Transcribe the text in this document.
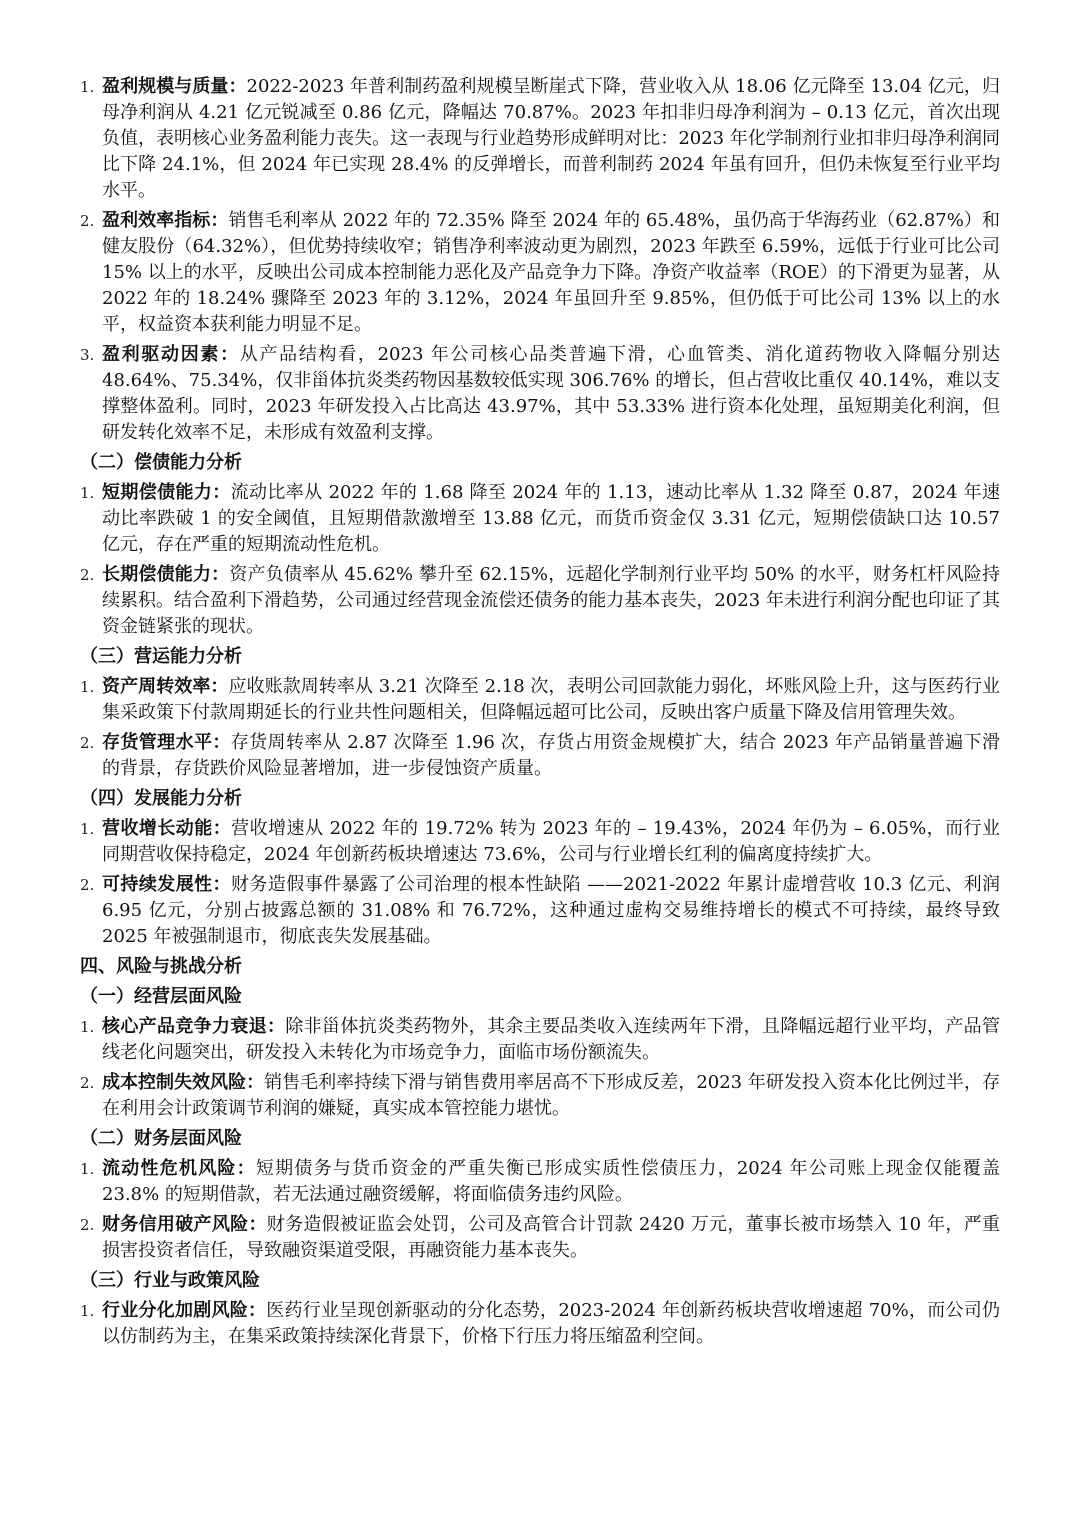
1. 盈利规模与质量：2022-2023 年普利制药盈利规模呈断崖式下降，营业收入从 18.06 亿元降至 13.04 亿元，归母净利润从 4.21 亿元锐减至 0.86 亿元，降幅达 70.87%。2023 年扣非归母净利润为 – 0.13 亿元，首次出现负值，表明核心业务盈利能力丧失。这一表现与行业趋势形成鲜明对比：2023 年化学制剂行业扣非归母净利润同比下降 24.1%，但 2024 年已实现 28.4% 的反弹增长，而普利制药 2024 年虽有回升，但仍未恢复至行业平均水平。
2. 盈利效率指标：销售毛利率从 2022 年的 72.35% 降至 2024 年的 65.48%，虽仍高于华海药业（62.87%）和健友股份（64.32%），但优势持续收窄；销售净利率波动更为剧烈，2023 年跌至 6.59%，远低于行业可比公司 15% 以上的水平，反映出公司成本控制能力恶化及产品竞争力下降。净资产收益率（ROE）的下滑更为显著，从 2022 年的 18.24% 骤降至 2023 年的 3.12%，2024 年虽回升至 9.85%，但仍低于可比公司 13% 以上的水平，权益资本获利能力明显不足。
3. 盈利驱动因素：从产品结构看，2023 年公司核心品类普遍下滑，心血管类、消化道药物收入降幅分别达 48.64%、75.34%，仅非甾体抗炎类药物因基数较低实现 306.76% 的增长，但占营收比重仅 40.14%，难以支撑整体盈利。同时，2023 年研发投入占比高达 43.97%，其中 53.33% 进行资本化处理，虽短期美化利润，但研发转化效率不足，未形成有效盈利支撑。
（二）偿债能力分析
1. 短期偿债能力：流动比率从 2022 年的 1.68 降至 2024 年的 1.13，速动比率从 1.32 降至 0.87，2024 年速动比率跌破 1 的安全阈值，且短期借款激增至 13.88 亿元，而货币资金仅 3.31 亿元，短期偿债缺口达 10.57 亿元，存在严重的短期流动性危机。
2. 长期偿债能力：资产负债率从 45.62% 攀升至 62.15%，远超化学制剂行业平均 50% 的水平，财务杠杆风险持续累积。结合盈利下滑趋势，公司通过经营现金流偿还债务的能力基本丧失，2023 年未进行利润分配也印证了其资金链紧张的现状。
（三）营运能力分析
1. 资产周转效率：应收账款周转率从 3.21 次降至 2.18 次，表明公司回款能力弱化，坏账风险上升，这与医药行业集采政策下付款周期延长的行业共性问题相关，但降幅远超可比公司，反映出客户质量下降及信用管理失效。
2. 存货管理水平：存货周转率从 2.87 次降至 1.96 次，存货占用资金规模扩大，结合 2023 年产品销量普遍下滑的背景，存货跌价风险显著增加，进一步侵蚀资产质量。
（四）发展能力分析
1. 营收增长动能：营收增速从 2022 年的 19.72% 转为 2023 年的 – 19.43%，2024 年仍为 – 6.05%，而行业同期营收保持稳定，2024 年创新药板块增速达 73.6%，公司与行业增长红利的偏离度持续扩大。
2. 可持续发展性：财务造假事件暴露了公司治理的根本性缺陷 ——2021-2022 年累计虚增营收 10.3 亿元、利润 6.95 亿元，分别占披露总额的 31.08% 和 76.72%，这种通过虚构交易维持增长的模式不可持续，最终导致 2025 年被强制退市，彻底丧失发展基础。
四、风险与挑战分析
（一）经营层面风险
1. 核心产品竞争力衰退：除非甾体抗炎类药物外，其余主要品类收入连续两年下滑，且降幅远超行业平均，产品管线老化问题突出，研发投入未转化为市场竞争力，面临市场份额流失。
2. 成本控制失效风险：销售毛利率持续下滑与销售费用率居高不下形成反差，2023 年研发投入资本化比例过半，存在利用会计政策调节利润的嫌疑，真实成本管控能力堪忧。
（二）财务层面风险
1. 流动性危机风险：短期债务与货币资金的严重失衡已形成实质性偿债压力，2024 年公司账上现金仅能覆盖 23.8% 的短期借款，若无法通过融资缓解，将面临债务违约风险。
2. 财务信用破产风险：财务造假被证监会处罚，公司及高管合计罚款 2420 万元，董事长被市场禁入 10 年，严重损害投资者信任，导致融资渠道受限，再融资能力基本丧失。
（三）行业与政策风险
1. 行业分化加剧风险：医药行业呈现创新驱动的分化态势，2023-2024 年创新药板块营收增速超 70%，而公司仍以仿制药为主，在集采政策持续深化背景下，价格下行压力将压缩盈利空间。
